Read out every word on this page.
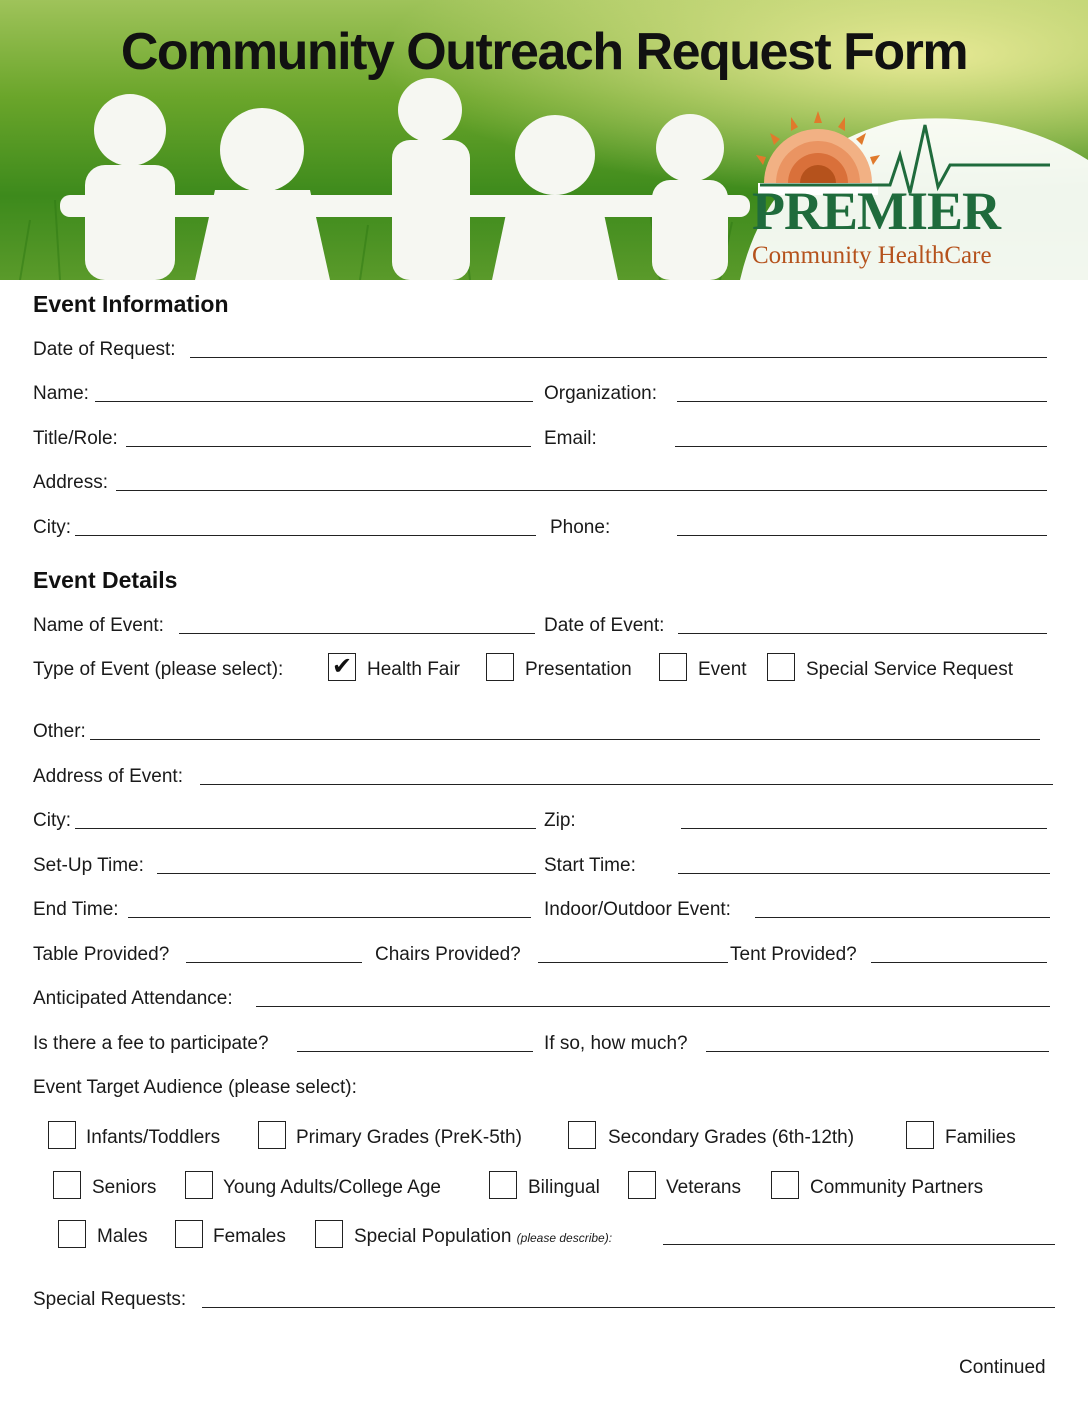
Community Outreach Request Form
PREMIER
Community HealthCare
Event Information
Date of Request:
Name:	Organization:
Title/Role:	Email:
Address:
City:	Phone:
Event Details
Name of Event:	Date of Event:
Type of Event (please select): ✔ Health Fair	Presentation	Event	Special Service Request
Other:
Address of Event:
City:	Zip:
Set-Up Time:	Start Time:
End Time:	Indoor/Outdoor Event:
Table Provided?	Chairs Provided?	Tent Provided?
Anticipated Attendance:
Is there a fee to participate?	If so, how much?
Event Target Audience (please select):
Infants/Toddlers	Primary Grades (PreK-5th)	Secondary Grades (6th-12th)	Families
Seniors	Young Adults/College Age	Bilingual	Veterans	Community Partners
Males	Females	Special Population (please describe):
Special Requests:
Continued
